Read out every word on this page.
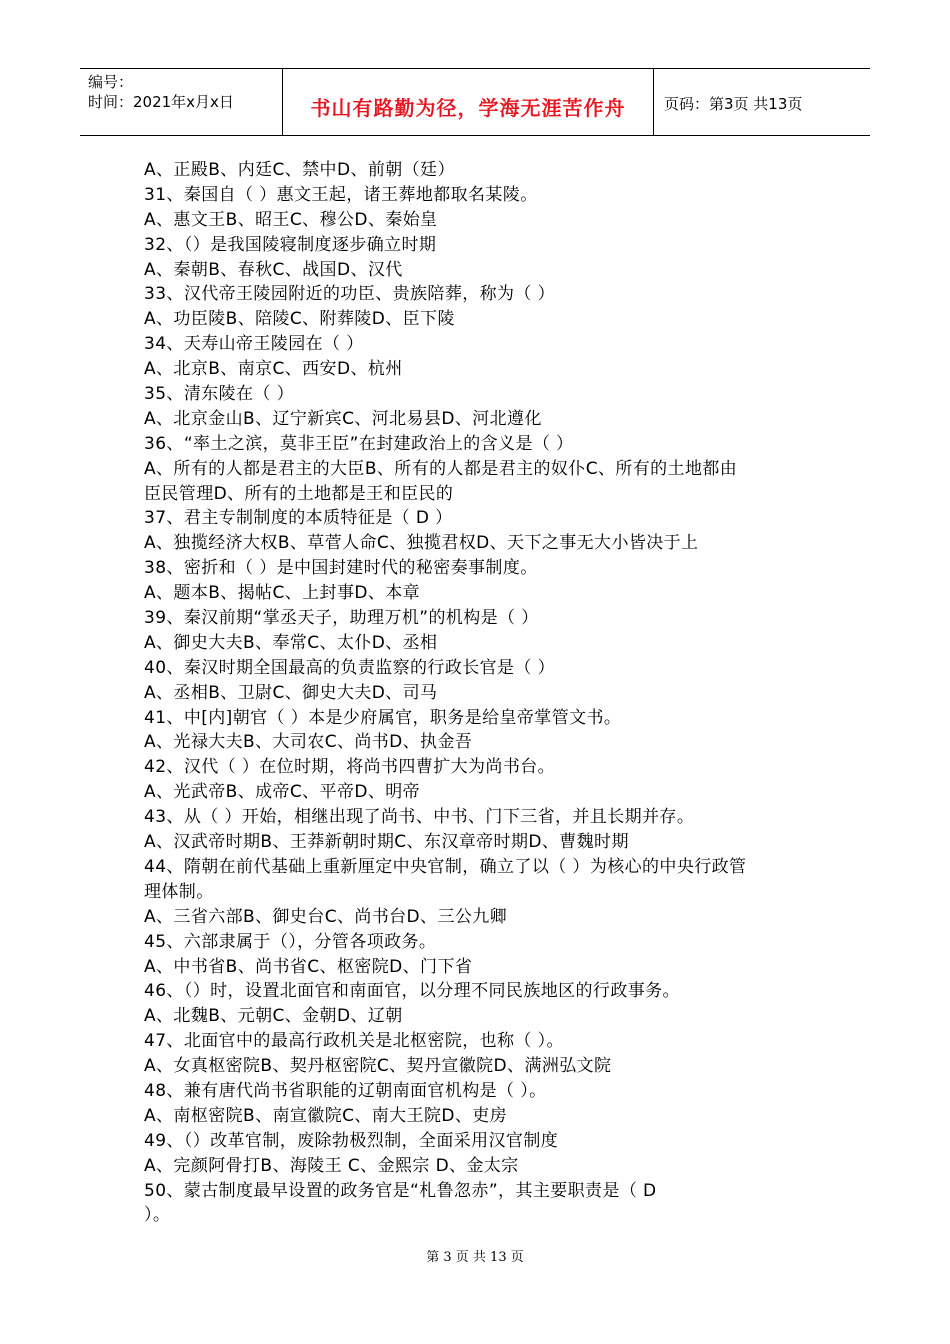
编号：
时间：2021年x月x日	书山有路勤为径，学海无涯苦作舟	页码：第3页 共13页
A、正殿B、内廷C、禁中D、前朝（廷）
31、秦国自（ ）惠文王起，诸王葬地都取名某陵。
A、惠文王B、昭王C、穆公D、秦始皇
32、（）是我国陵寝制度逐步确立时期
A、秦朝B、春秋C、战国D、汉代
33、汉代帝王陵园附近的功臣、贵族陪葬，称为（ ）
A、功臣陵B、陪陵C、附葬陵D、臣下陵
34、天寿山帝王陵园在（ ）
A、北京B、南京C、西安D、杭州
35、清东陵在（ ）
A、北京金山B、辽宁新宾C、河北易县D、河北遵化
36、“率土之滨，莫非王臣”在封建政治上的含义是（ ）
A、所有的人都是君主的大臣B、所有的人都是君主的奴仆C、所有的土地都由
臣民管理D、所有的土地都是王和臣民的
37、君主专制制度的本质特征是（ D ）
A、独揽经济大权B、草菅人命C、独揽君权D、天下之事无大小皆决于上
38、密折和（ ）是中国封建时代的秘密奏事制度。
A、题本B、揭帖C、上封事D、本章
39、秦汉前期“掌丞天子，助理万机”的机构是（ ）
A、御史大夫B、奉常C、太仆D、丞相
40、秦汉时期全国最高的负责监察的行政长官是（ ）
A、丞相B、卫尉C、御史大夫D、司马
41、中[内]朝官（ ）本是少府属官，职务是给皇帝掌管文书。
A、光禄大夫B、大司农C、尚书D、执金吾
42、汉代（ ）在位时期，将尚书四曹扩大为尚书台。
A、光武帝B、成帝C、平帝D、明帝
43、从（ ）开始，相继出现了尚书、中书、门下三省，并且长期并存。
A、汉武帝时期B、王莽新朝时期C、东汉章帝时期D、曹魏时期
44、隋朝在前代基础上重新厘定中央官制，确立了以（ ）为核心的中央行政管
理体制。
A、三省六部B、御史台C、尚书台D、三公九卿
45、六部隶属于（），分管各项政务。
A、中书省B、尚书省C、枢密院D、门下省
46、（）时，设置北面官和南面官，以分理不同民族地区的行政事务。
A、北魏B、元朝C、金朝D、辽朝
47、北面官中的最高行政机关是北枢密院，也称（ ）。
A、女真枢密院B、契丹枢密院C、契丹宣徽院D、满洲弘文院
48、兼有唐代尚书省职能的辽朝南面官机构是（ ）。
A、南枢密院B、南宣徽院C、南大王院D、吏房
49、（）改革官制，废除勃极烈制，全面采用汉官制度
A、完颜阿骨打B、海陵王 C、金熙宗 D、金太宗
50、蒙古制度最早设置的政务官是“札鲁忽赤”，其主要职责是（ D
）。
第 3 页 共 13 页
